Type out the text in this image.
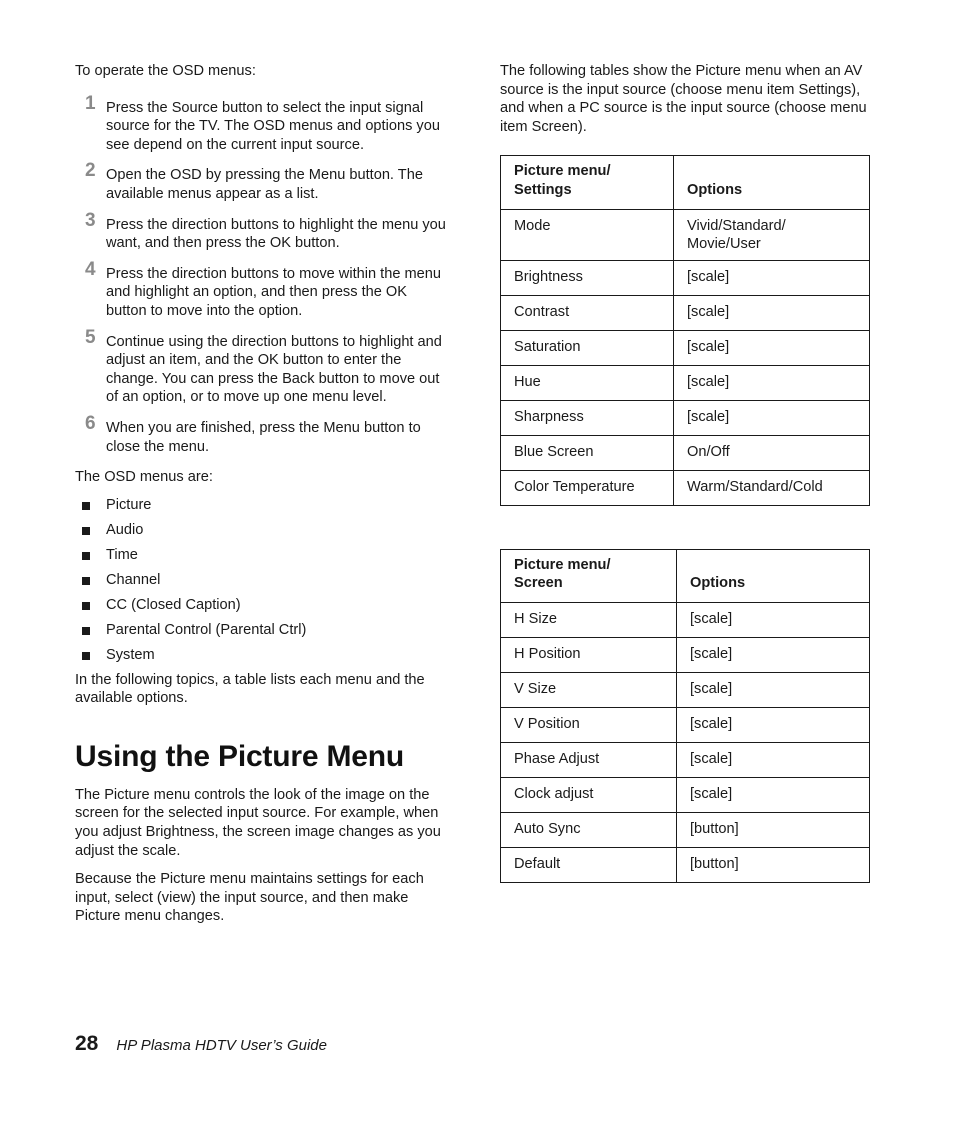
To operate the OSD menus:

1 Press the Source button to select the input signal source for the TV. The OSD menus and options you see depend on the current input source.
2 Open the OSD by pressing the Menu button. The available menus appear as a list.
3 Press the direction buttons to highlight the menu you want, and then press the OK button.
4 Press the direction buttons to move within the menu and highlight an option, and then press the OK button to move into the option.
5 Continue using the direction buttons to highlight and adjust an item, and the OK button to enter the change. You can press the Back button to move out of an option, or to move up one menu level.
6 When you are finished, press the Menu button to close the menu.

The OSD menus are:

Picture
Audio
Time
Channel
CC (Closed Caption)
Parental Control (Parental Ctrl)
System

In the following topics, a table lists each menu and the available options.

Using the Picture Menu

The Picture menu controls the look of the image on the screen for the selected input source. For example, when you adjust Brightness, the screen image changes as you adjust the scale.

Because the Picture menu maintains settings for each input, select (view) the input source, and then make Picture menu changes.

The following tables show the Picture menu when an AV source is the input source (choose menu item Settings), and when a PC source is the input source (choose menu item Screen).

Picture menu/ Settings	Options
Mode	Vivid/Standard/ Movie/User
Brightness	[scale]
Contrast	[scale]
Saturation	[scale]
Hue	[scale]
Sharpness	[scale]
Blue Screen	On/Off
Color Temperature	Warm/Standard/Cold
Picture menu/ Screen	Options
H Size	[scale]
H Position	[scale]
V Size	[scale]
V Position	[scale]
Phase Adjust	[scale]
Clock adjust	[scale]
Auto Sync	[button]
Default	[button]
28 HP Plasma HDTV User’s Guide
